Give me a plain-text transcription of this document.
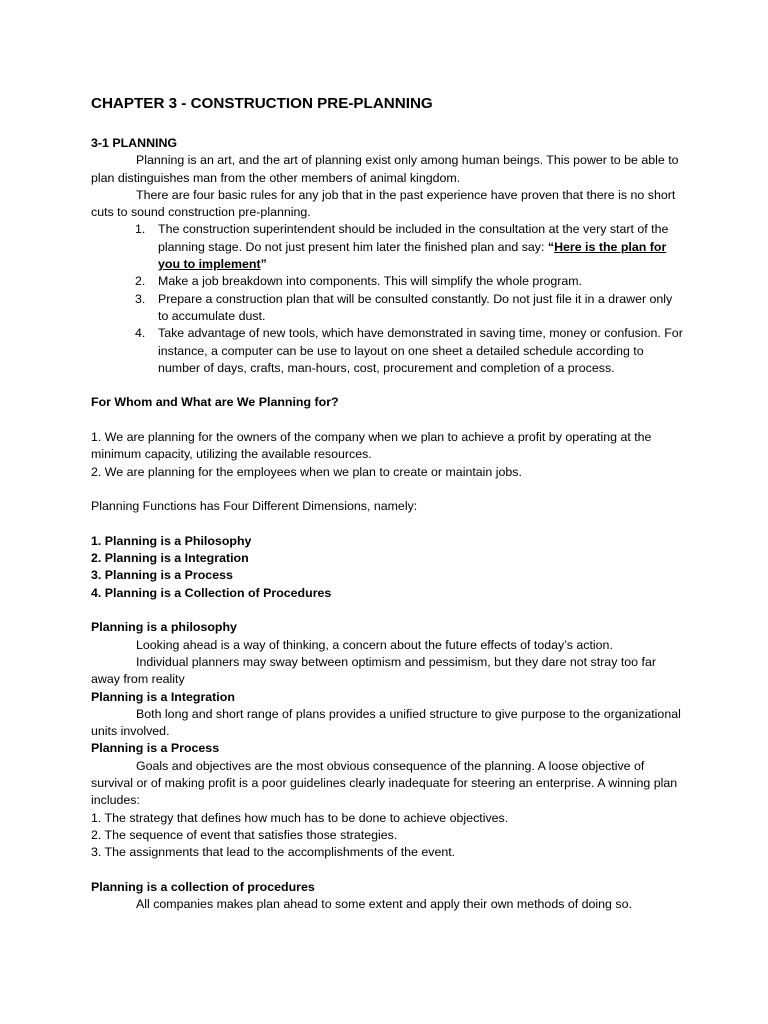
CHAPTER 3 - CONSTRUCTION PRE-PLANNING
3-1 PLANNING

Planning is an art, and the art of planning exist only among human beings. This power to be able to plan distinguishes man from the other members of animal kingdom.

There are four basic rules for any job that in the past experience have proven that there is no short cuts to sound construction pre-planning.

1. The construction superintendent should be included in the consultation at the very start of the planning stage. Do not just present him later the finished plan and say: “Here is the plan for you to implement”
2. Make a job breakdown into components. This will simplify the whole program.
3. Prepare a construction plan that will be consulted constantly. Do not just file it in a drawer only to accumulate dust.
4. Take advantage of new tools, which have demonstrated in saving time, money or confusion. For instance, a computer can be use to layout on one sheet a detailed schedule according to number of days, crafts, man-hours, cost, procurement and completion of a process.
For Whom and What are We Planning for?

1. We are planning for the owners of the company when we plan to achieve a profit by operating at the minimum capacity, utilizing the available resources.

2. We are planning for the employees when we plan to create or maintain jobs.

Planning Functions has Four Different Dimensions, namely:

1. Planning is a Philosophy
2. Planning is a Integration
3. Planning is a Process
4. Planning is a Collection of Procedures
Planning is a philosophy

Looking ahead is a way of thinking, a concern about the future effects of today’s action.

Individual planners may sway between optimism and pessimism, but they dare not stray too far away from reality

Planning is a Integration

Both long and short range of plans provides a unified structure to give purpose to the organizational units involved.

Planning is a Process

Goals and objectives are the most obvious consequence of the planning. A loose objective of survival or of making profit is a poor guidelines clearly inadequate for steering an enterprise. A winning plan includes:

1. The strategy that defines how much has to be done to achieve objectives.

2. The sequence of event that satisfies those strategies.

3. The assignments that lead to the accomplishments of the event.

Planning is a collection of procedures

All companies makes plan ahead to some extent and apply their own methods of doing so.
